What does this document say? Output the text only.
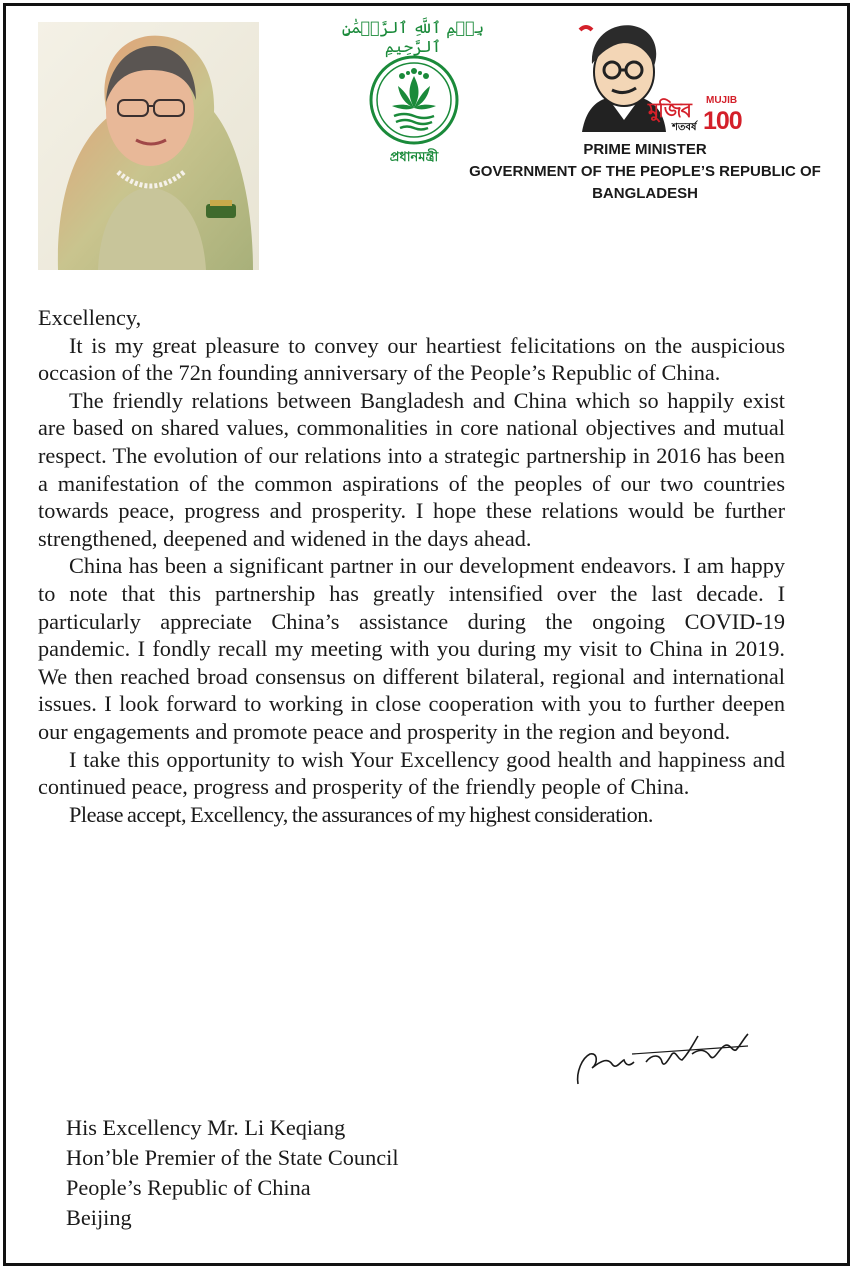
بِسۡمِ ٱللَّهِ ٱلرَّحۡمَٰنِ ٱلرَّحِيمِ
প্রধানমন্ত্রী
মুজিব
শতবর্ষ
MUJIB
100
PRIME MINISTER
GOVERNMENT OF THE PEOPLE’S REPUBLIC OF
BANGLADESH

Excellency,

It is my great pleasure to convey our heartiest felicitations on the auspicious occasion of the 72n founding anniversary of the People’s Republic of China.

The friendly relations between Bangladesh and China which so happily exist are based on shared values, commonalities in core national objectives and mutual respect. The evolution of our relations into a strategic partnership in 2016 has been a manifestation of the common aspirations of the peoples of our two countries towards peace, progress and prosperity. I hope these relations would be further strengthened, deepened and widened in the days ahead.

China has been a significant partner in our development endeavors. I am happy to note that this partnership has greatly intensified over the last decade. I particularly appreciate China’s assistance during the ongoing COVID-19 pandemic. I fondly recall my meeting with you during my visit to China in 2019. We then reached broad consensus on different bilateral, regional and international issues. I look forward to working in close cooperation with you to further deepen our engagements and promote peace and prosperity in the region and beyond.

I take this opportunity to wish Your Excellency good health and happiness and continued peace, progress and prosperity of the friendly people of China.

Please accept, Excellency, the assurances of my highest consideration.

His Excellency Mr. Li Keqiang
Hon’ble Premier of the State Council
People’s Republic of China
Beijing
